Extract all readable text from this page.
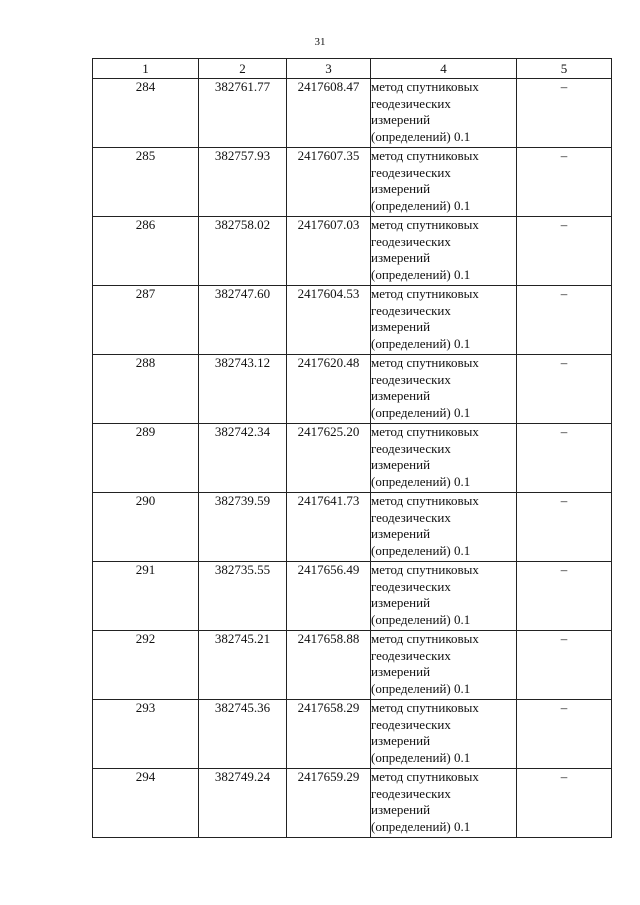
31
1	2	3	4	5
284	382761.77	2417608.47	метод спутниковых
геодезических
измерений
(определений) 0.1	–
285	382757.93	2417607.35	метод спутниковых
геодезических
измерений
(определений) 0.1	–
286	382758.02	2417607.03	метод спутниковых
геодезических
измерений
(определений) 0.1	–
287	382747.60	2417604.53	метод спутниковых
геодезических
измерений
(определений) 0.1	–
288	382743.12	2417620.48	метод спутниковых
геодезических
измерений
(определений) 0.1	–
289	382742.34	2417625.20	метод спутниковых
геодезических
измерений
(определений) 0.1	–
290	382739.59	2417641.73	метод спутниковых
геодезических
измерений
(определений) 0.1	–
291	382735.55	2417656.49	метод спутниковых
геодезических
измерений
(определений) 0.1	–
292	382745.21	2417658.88	метод спутниковых
геодезических
измерений
(определений) 0.1	–
293	382745.36	2417658.29	метод спутниковых
геодезических
измерений
(определений) 0.1	–
294	382749.24	2417659.29	метод спутниковых
геодезических
измерений
(определений) 0.1	–
